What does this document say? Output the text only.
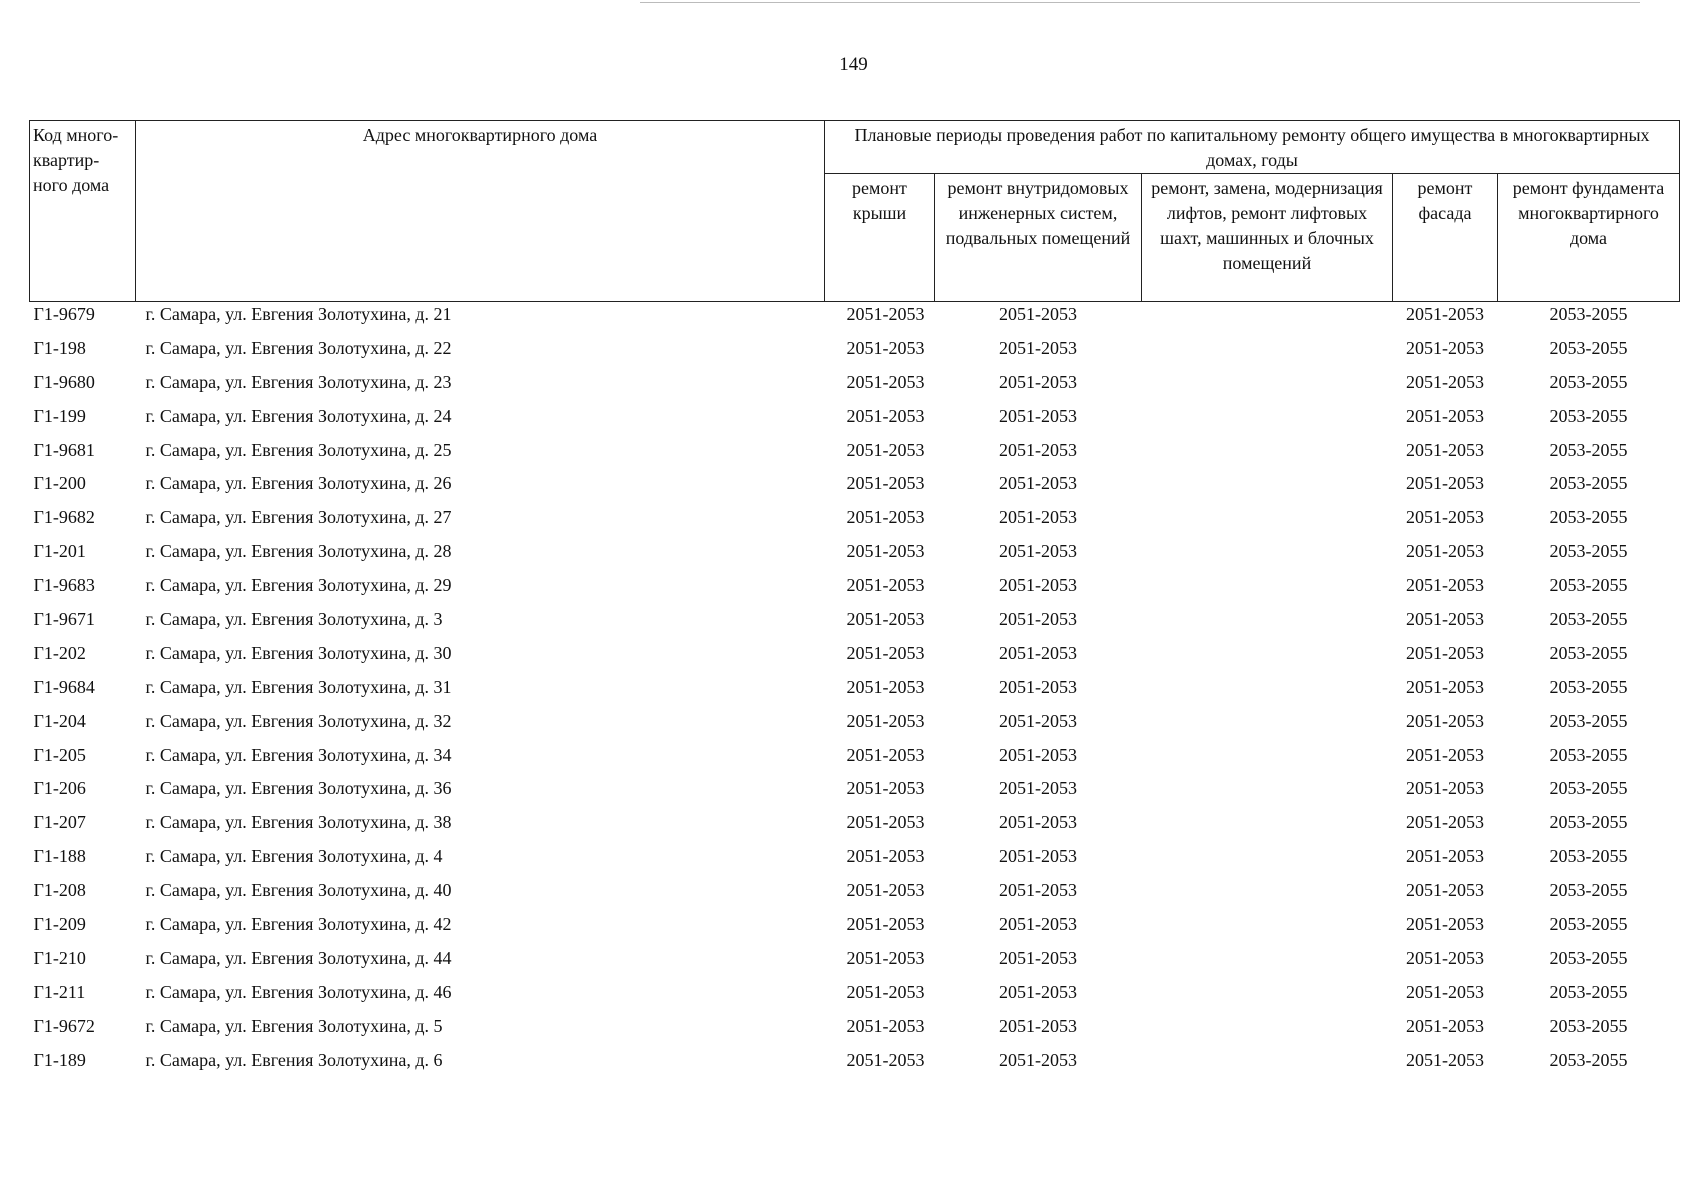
149
Код много-квартир-ного дома	Адрес многоквартирного дома	Плановые периоды проведения работ по капитальному ремонту общего имущества в многоквартирных домах, годы				
		ремонт крыши	ремонт внутридомовых инженерных систем, подвальных помещений	ремонт, замена, модернизация лифтов, ремонт лифтовых шахт, машинных и блочных помещений	ремонт фасада	ремонт фундамента многоквартирного дома
Г1-9679	г. Самара, ул. Евгения Золотухина, д. 21	2051-2053	2051-2053		2051-2053	2053-2055
Г1-198	г. Самара, ул. Евгения Золотухина, д. 22	2051-2053	2051-2053		2051-2053	2053-2055
Г1-9680	г. Самара, ул. Евгения Золотухина, д. 23	2051-2053	2051-2053		2051-2053	2053-2055
Г1-199	г. Самара, ул. Евгения Золотухина, д. 24	2051-2053	2051-2053		2051-2053	2053-2055
Г1-9681	г. Самара, ул. Евгения Золотухина, д. 25	2051-2053	2051-2053		2051-2053	2053-2055
Г1-200	г. Самара, ул. Евгения Золотухина, д. 26	2051-2053	2051-2053		2051-2053	2053-2055
Г1-9682	г. Самара, ул. Евгения Золотухина, д. 27	2051-2053	2051-2053		2051-2053	2053-2055
Г1-201	г. Самара, ул. Евгения Золотухина, д. 28	2051-2053	2051-2053		2051-2053	2053-2055
Г1-9683	г. Самара, ул. Евгения Золотухина, д. 29	2051-2053	2051-2053		2051-2053	2053-2055
Г1-9671	г. Самара, ул. Евгения Золотухина, д. 3	2051-2053	2051-2053		2051-2053	2053-2055
Г1-202	г. Самара, ул. Евгения Золотухина, д. 30	2051-2053	2051-2053		2051-2053	2053-2055
Г1-9684	г. Самара, ул. Евгения Золотухина, д. 31	2051-2053	2051-2053		2051-2053	2053-2055
Г1-204	г. Самара, ул. Евгения Золотухина, д. 32	2051-2053	2051-2053		2051-2053	2053-2055
Г1-205	г. Самара, ул. Евгения Золотухина, д. 34	2051-2053	2051-2053		2051-2053	2053-2055
Г1-206	г. Самара, ул. Евгения Золотухина, д. 36	2051-2053	2051-2053		2051-2053	2053-2055
Г1-207	г. Самара, ул. Евгения Золотухина, д. 38	2051-2053	2051-2053		2051-2053	2053-2055
Г1-188	г. Самара, ул. Евгения Золотухина, д. 4	2051-2053	2051-2053		2051-2053	2053-2055
Г1-208	г. Самара, ул. Евгения Золотухина, д. 40	2051-2053	2051-2053		2051-2053	2053-2055
Г1-209	г. Самара, ул. Евгения Золотухина, д. 42	2051-2053	2051-2053		2051-2053	2053-2055
Г1-210	г. Самара, ул. Евгения Золотухина, д. 44	2051-2053	2051-2053		2051-2053	2053-2055
Г1-211	г. Самара, ул. Евгения Золотухина, д. 46	2051-2053	2051-2053		2051-2053	2053-2055
Г1-9672	г. Самара, ул. Евгения Золотухина, д. 5	2051-2053	2051-2053		2051-2053	2053-2055
Г1-189	г. Самара, ул. Евгения Золотухина, д. 6	2051-2053	2051-2053		2051-2053	2053-2055
